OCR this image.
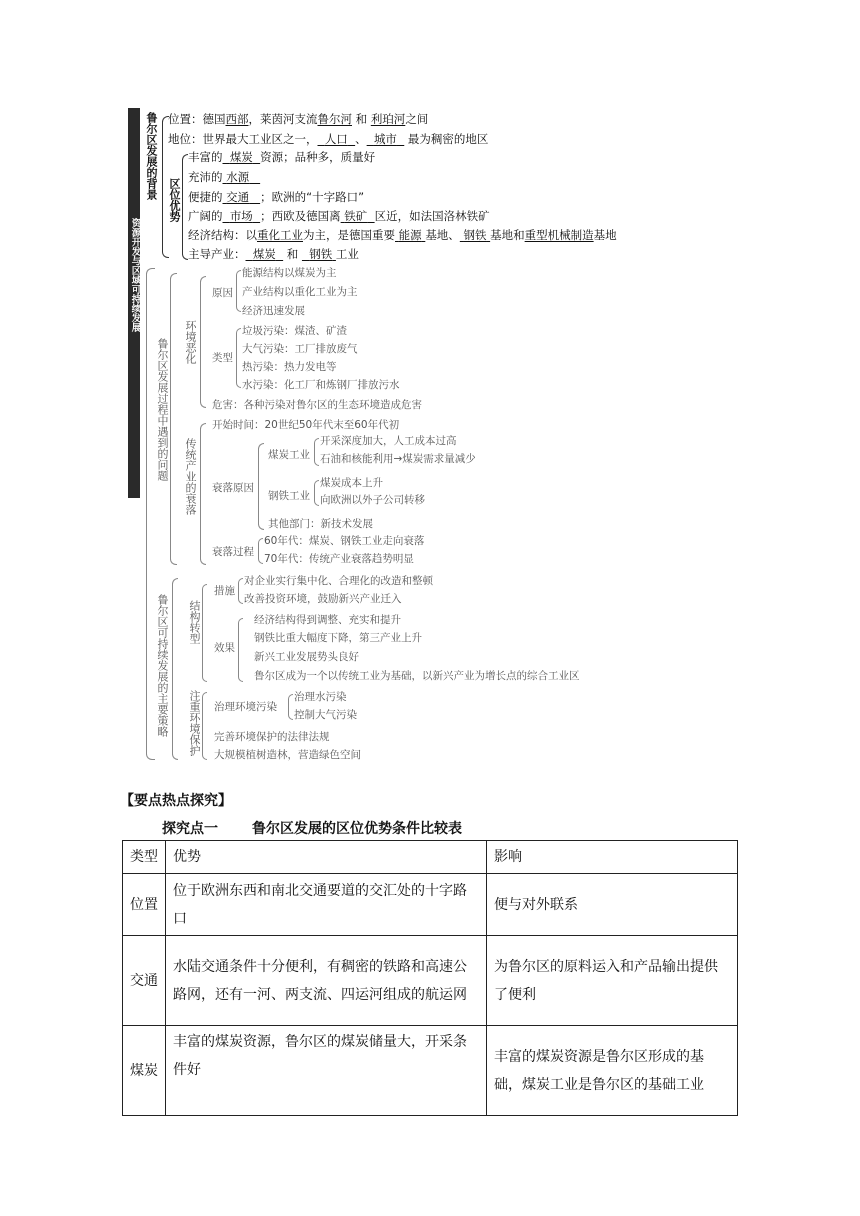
资源开发与区域可持续发展
鲁尔区发展的背景 位置：德国西部，莱茵河支流鲁尔河 和 利珀河之间
地位：世界最大工业区之一， 人口 、 城市 最为稠密的地区
区位优势
丰富的 煤炭 资源；品种多，质量好
充沛的 水源
便捷的 交通 ；欧洲的“十字路口”
广阔的 市场 ；西欧及德国离 铁矿 区近，如法国洛林铁矿
经济结构：以重化工业为主，是德国重要 能源 基地、 钢铁 基地和重型机械制造基地
主导产业： 煤炭 和 钢铁 工业
鲁尔区发展过程中遇到的问题 环境恶化
原因
能源结构以煤炭为主
产业结构以重化工业为主
经济迅速发展
类型
垃圾污染：煤渣、矿渣
大气污染：工厂排放废气
热污染：热力发电等
水污染：化工厂和炼钢厂排放污水
危害：各种污染对鲁尔区的生态环境造成危害
传统产业的衰落
开始时间：20世纪50年代末至60年代初
衰落原因
煤炭工业
开采深度加大，人工成本过高
石油和核能利用→煤炭需求量减少
钢铁工业
煤炭成本上升
向欧洲以外子公司转移
其他部门：新技术发展
衰落过程
60年代：煤炭、钢铁工业走向衰落
70年代：传统产业衰落趋势明显
鲁尔区可持续发展的主要策略 结构转型
措施
对企业实行集中化、合理化的改造和整顿
改善投资环境，鼓励新兴产业迁入
效果
经济结构得到调整、充实和提升
钢铁比重大幅度下降，第三产业上升
新兴工业发展势头良好
鲁尔区成为一个以传统工业为基础，以新兴产业为增长点的综合工业区
注重环境保护 治理环境污染
治理水污染
控制大气污染
完善环境保护的法律法规
大规模植树造林，营造绿色空间
【要点热点探究】
探究点一 鲁尔区发展的区位优势条件比较表
类型	优势	影响
位置	位于欧洲东西和南北交通要道的交汇处的十字路口	便与对外联系
交通	水陆交通条件十分便利，有稠密的铁路和高速公路网，还有一河、两支流、四运河组成的航运网	为鲁尔区的原料运入和产品输出提供了便利
煤炭	丰富的煤炭资源，鲁尔区的煤炭储量大，开采条件好	丰富的煤炭资源是鲁尔区形成的基础，煤炭工业是鲁尔区的基础工业
